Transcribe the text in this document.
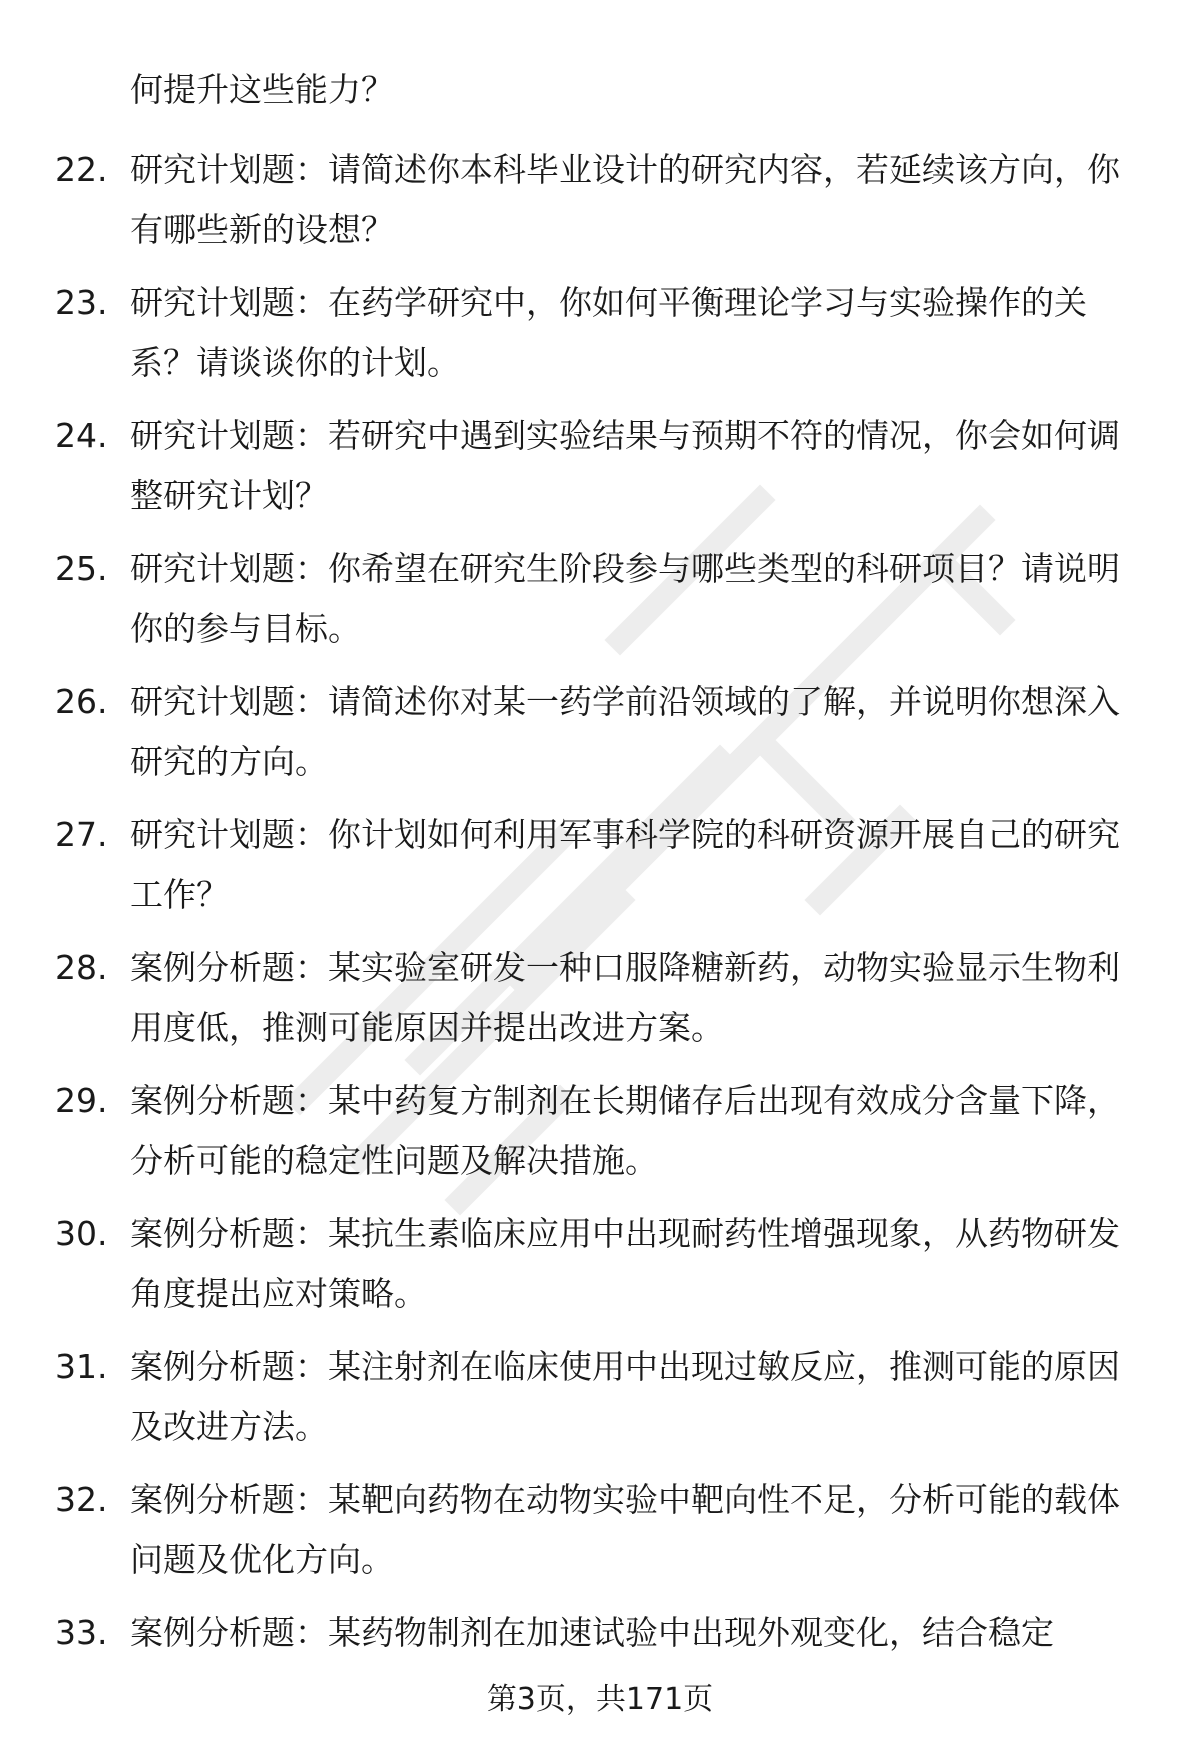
何提升这些能力？
22. 研究计划题：请简述你本科毕业设计的研究内容，若延续该方向，你有哪些新的设想？
23. 研究计划题：在药学研究中，你如何平衡理论学习与实验操作的关系？请谈谈你的计划。
24. 研究计划题：若研究中遇到实验结果与预期不符的情况，你会如何调整研究计划？
25. 研究计划题：你希望在研究生阶段参与哪些类型的科研项目？请说明你的参与目标。
26. 研究计划题：请简述你对某一药学前沿领域的了解，并说明你想深入研究的方向。
27. 研究计划题：你计划如何利用军事科学院的科研资源开展自己的研究工作？
28. 案例分析题：某实验室研发一种口服降糖新药，动物实验显示生物利用度低，推测可能原因并提出改进方案。
29. 案例分析题：某中药复方制剂在长期储存后出现有效成分含量下降，分析可能的稳定性问题及解决措施。
30. 案例分析题：某抗生素临床应用中出现耐药性增强现象，从药物研发角度提出应对策略。
31. 案例分析题：某注射剂在临床使用中出现过敏反应，推测可能的原因及改进方法。
32. 案例分析题：某靶向药物在动物实验中靶向性不足，分析可能的载体问题及优化方向。
33. 案例分析题：某药物制剂在加速试验中出现外观变化，结合稳定
第3页，共171页
